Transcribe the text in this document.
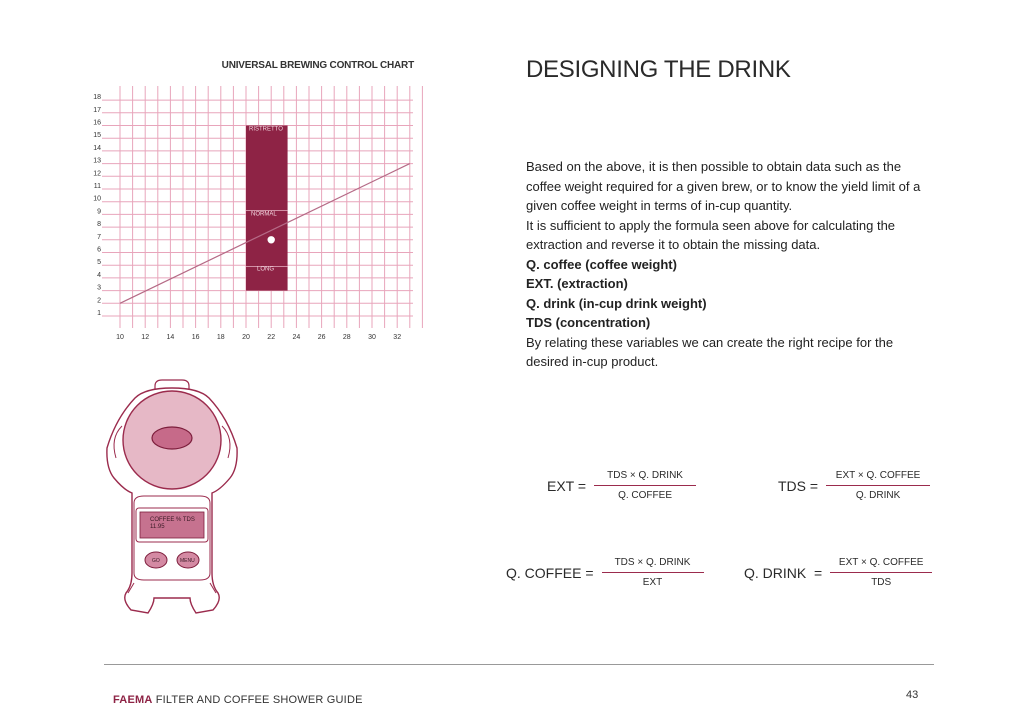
UNIVERSAL BREWING CONTROL CHART
1
2
3
4
5
6
7
8
9
10
11
12
13
14
15
16
17
18
10 12 14 16 18 20 22 24 26 28 30 32
RISTRETTO
NORMAL
LONG
DESIGNING THE DRINK

Based on the above, it is then possible to obtain data such as the coffee weight required for a given brew, or to know the yield limit of a given coffee weight in terms of in-cup quantity.

It is sufficient to apply the formula seen above for calculating the extraction and reverse it to obtain the missing data.

Q. coffee (coffee weight)

EXT. (extraction)

Q. drink (in-cup drink weight)

TDS (concentration)

By relating these variables we can create the right recipe for the desired in-cup product.

EXT = $\frac{\text{TDS × Q. DRINK}}{\text{Q. COFFEE}}$	TDS = $\frac{\text{EXT × Q. COFFEE}}{\text{Q. DRINK}}$
Q. COFFEE = $\frac{\text{TDS × Q. DRINK}}{\text{EXT}}$	Q. DRINK  = $\frac{\text{EXT × Q. COFFEE}}{\text{TDS}}$
COFFEE % TDS
11.95
GO	MENU
FAEMA FILTER AND COFFEE SHOWER GUIDE	43
